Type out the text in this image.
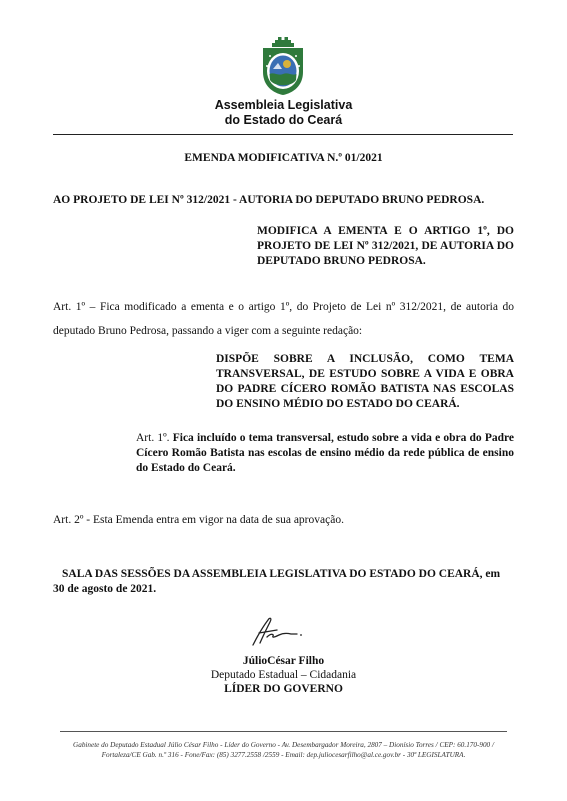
Assembleia Legislativa
do Estado do Ceará
EMENDA MODIFICATIVA N.º 01/2021
AO PROJETO DE LEI Nº 312/2021 - AUTORIA DO DEPUTADO BRUNO PEDROSA.
MODIFICA A EMENTA E O ARTIGO 1º, DO PROJETO DE LEI Nº 312/2021, DE AUTORIA DO DEPUTADO BRUNO PEDROSA.
Art. 1º – Fica modificado a ementa e o artigo 1º, do Projeto de Lei nº 312/2021, de autoria do deputado Bruno Pedrosa, passando a viger com a seguinte redação:
DISPÕE SOBRE A INCLUSÃO, COMO TEMA TRANSVERSAL, DE ESTUDO SOBRE A VIDA E OBRA DO PADRE CÍCERO ROMÃO BATISTA NAS ESCOLAS DO ENSINO MÉDIO DO ESTADO DO CEARÁ.
Art. 1º. Fica incluído o tema transversal, estudo sobre a vida e obra do Padre Cícero Romão Batista nas escolas de ensino médio da rede pública de ensino do Estado do Ceará.
Art. 2º - Esta Emenda entra em vigor na data de sua aprovação.
SALA DAS SESSÕES DA ASSEMBLEIA LEGISLATIVA DO ESTADO DO CEARÁ, em 30 de agosto de 2021.
JúlioCésar Filho
Deputado Estadual – Cidadania
LÍDER DO GOVERNO
Gabinete do Deputado Estadual Júlio César Filho - Líder do Governo - Av. Desembargador Moreira, 2807 – Dionísio Torres / CEP: 60.170-900 /
Fortaleza/CE Gab. n.º 316 - Fone/Fax: (85) 3277.2558 /2559 - Email: dep.juliocesarfilho@al.ce.gov.br - 30ª LEGISLATURA.
